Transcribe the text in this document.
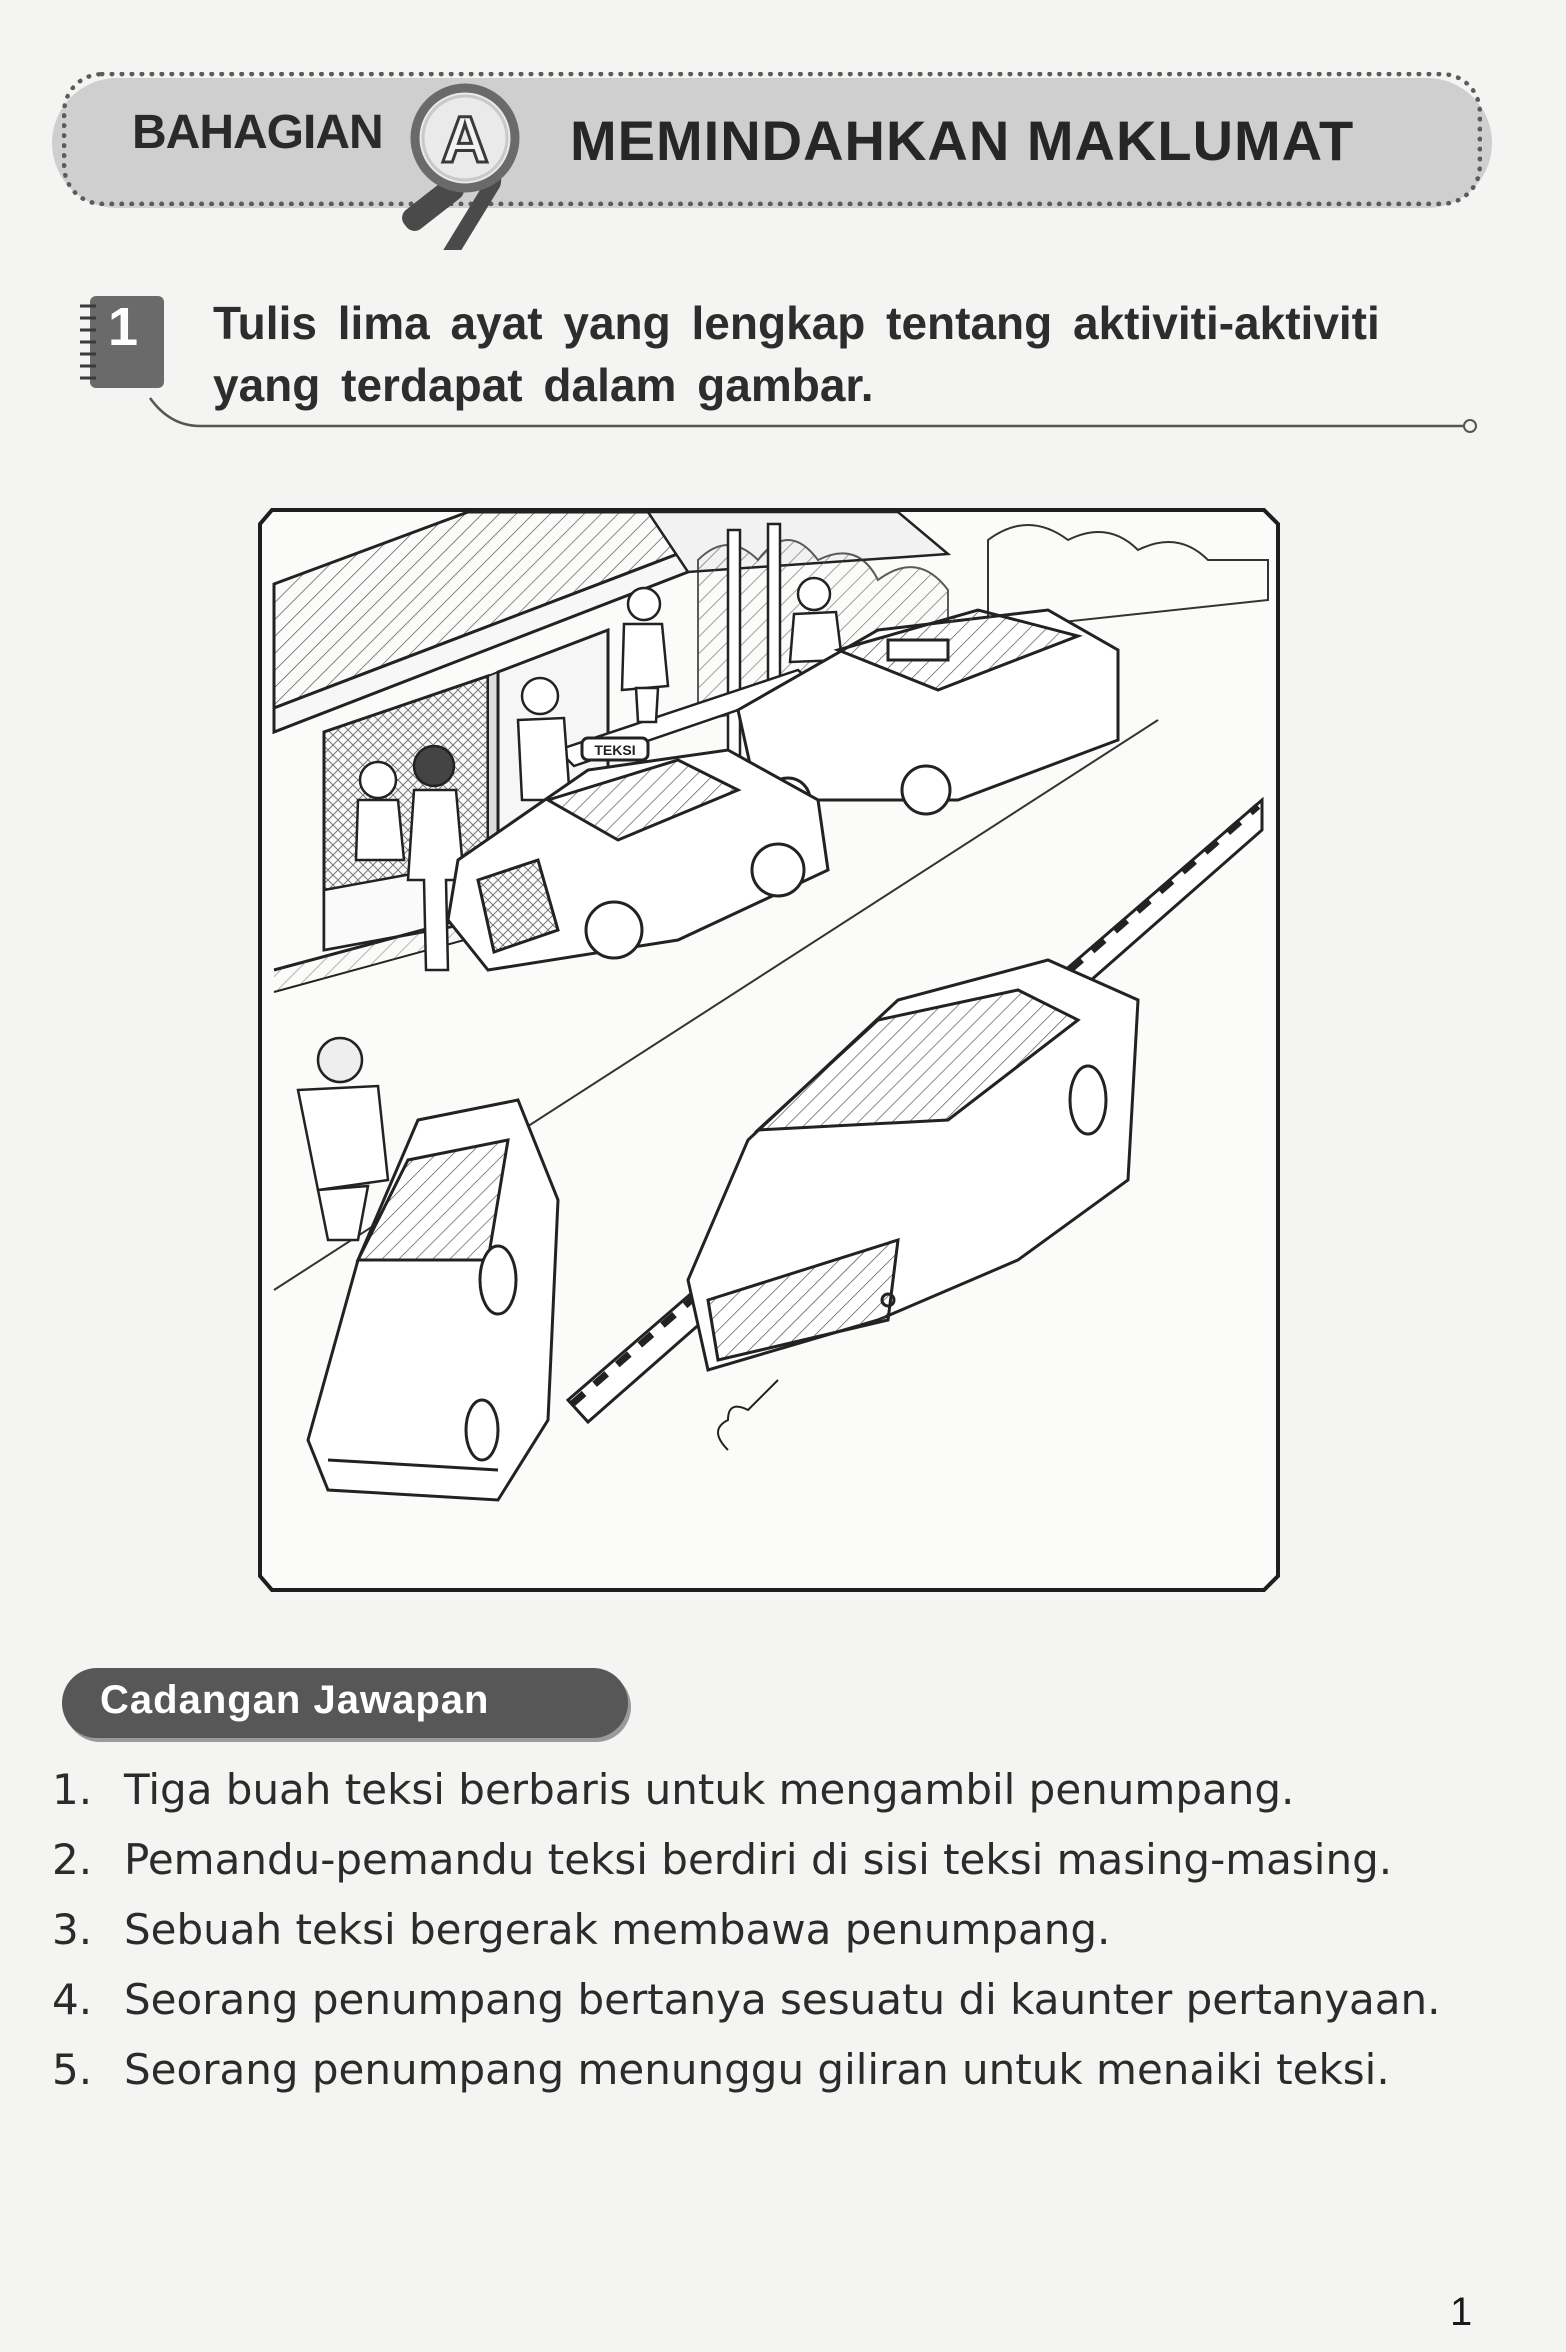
BAHAGIAN A MEMINDAHKAN MAKLUMAT
1 Tulis lima ayat yang lengkap tentang aktiviti-aktiviti yang terdapat dalam gambar.
TEKSI
Cadangan Jawapan
1. Tiga buah teksi berbaris untuk mengambil penumpang.
2. Pemandu-pemandu teksi berdiri di sisi teksi masing-masing.
3. Sebuah teksi bergerak membawa penumpang.
4. Seorang penumpang bertanya sesuatu di kaunter pertanyaan.
5. Seorang penumpang menunggu giliran untuk menaiki teksi.
1
